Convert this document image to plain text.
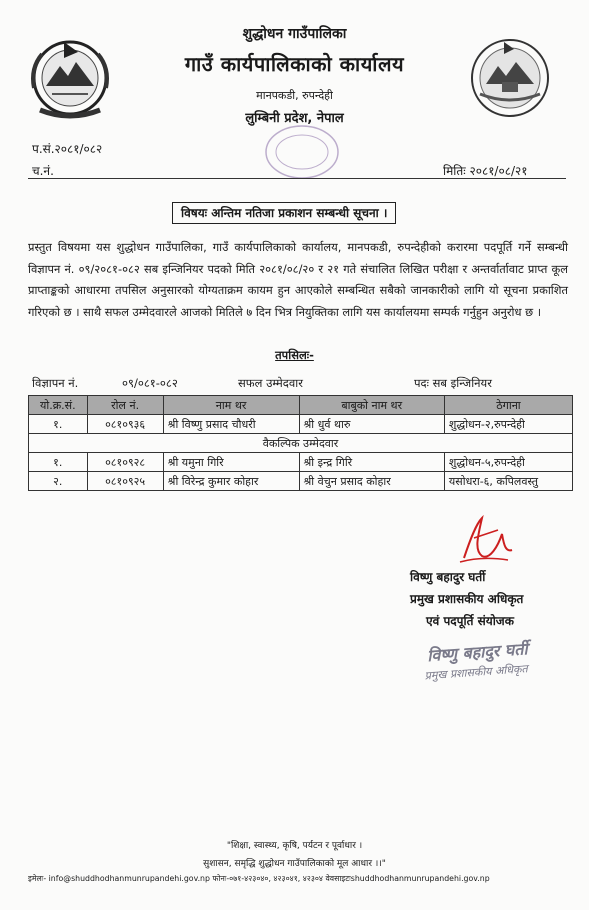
शुद्धोधन गाउँपालिका
गाउँ कार्यपालिकाको कार्यालय
मानपकडी, रुपन्देही
लुम्बिनी प्रदेश, नेपाल
प.सं.२०८१/०८२
च.नं.	मितिः २०८१/०८/२१
विषयः अन्तिम नतिजा प्रकाशन सम्बन्धी सूचना ।
प्रस्तुत विषयमा यस शुद्धोधन गाउँपालिका, गाउँ कार्यपालिकाको कार्यालय, मानपकडी, रुपन्देहीको करारमा पदपूर्ति गर्ने सम्बन्धी विज्ञापन नं. ०९/२०८१-०८२ सब इन्जिनियर पदको मिति २०८१/०८/२० र २१ गते संचालित लिखित परीक्षा र अन्तर्वार्तावाट प्राप्त कूल प्राप्ताङ्कको आधारमा तपसिल अनुसारको योग्यताक्रम कायम हुन आएकोले सम्बन्धित सबैको जानकारीको लागि यो सूचना प्रकाशित गरिएको छ । साथै सफल उम्मेदवारले आजको मितिले ७ दिन भित्र नियुक्तिका लागि यस कार्यालयमा सम्पर्क गर्नुहुन अनुरोध छ ।
तपसिलः-
विज्ञापन नं.	०९/०८१-०८२	सफल उम्मेदवार	पदः सब इन्जिनियर
यो.क्र.सं.	रोल नं.	नाम थर	बाबुको नाम थर	ठेगाना
१.	०८१०९३६	श्री विष्णु प्रसाद चौधरी	श्री धुर्व थारु	शुद्धोधन-२,रुपन्देही
वैकल्पिक उम्मेदवार				
१.	०८१०९२८	श्री यमुना गिरि	श्री इन्द्र गिरि	शुद्धोधन-५,रुपन्देही
२.	०८१०९२५	श्री विरेन्द्र कुमार कोहार	श्री वेचुन प्रसाद कोहार	यसोधरा-६, कपिलवस्तु
विष्णु बहादुर घर्ती
प्रमुख प्रशासकीय अधिकृत
एवं पदपूर्ति संयोजक
विष्णु बहादुर घर्ती
प्रमुख प्रशासकीय अधिकृत
"शिक्षा, स्वास्थ्य, कृषि, पर्यटन र पूर्वाधार ।
सुशासन, समृद्धि शुद्धोधन गाउँपालिकाको मूल आधार ।।"
इमेलः- info@shuddhodhanmunrupandehi.gov.np फोनः-०७१-४२३०४०, ४२३०४१, ४२३०४ वेवसाइटःshuddhodhanmunrupandehi.gov.np
